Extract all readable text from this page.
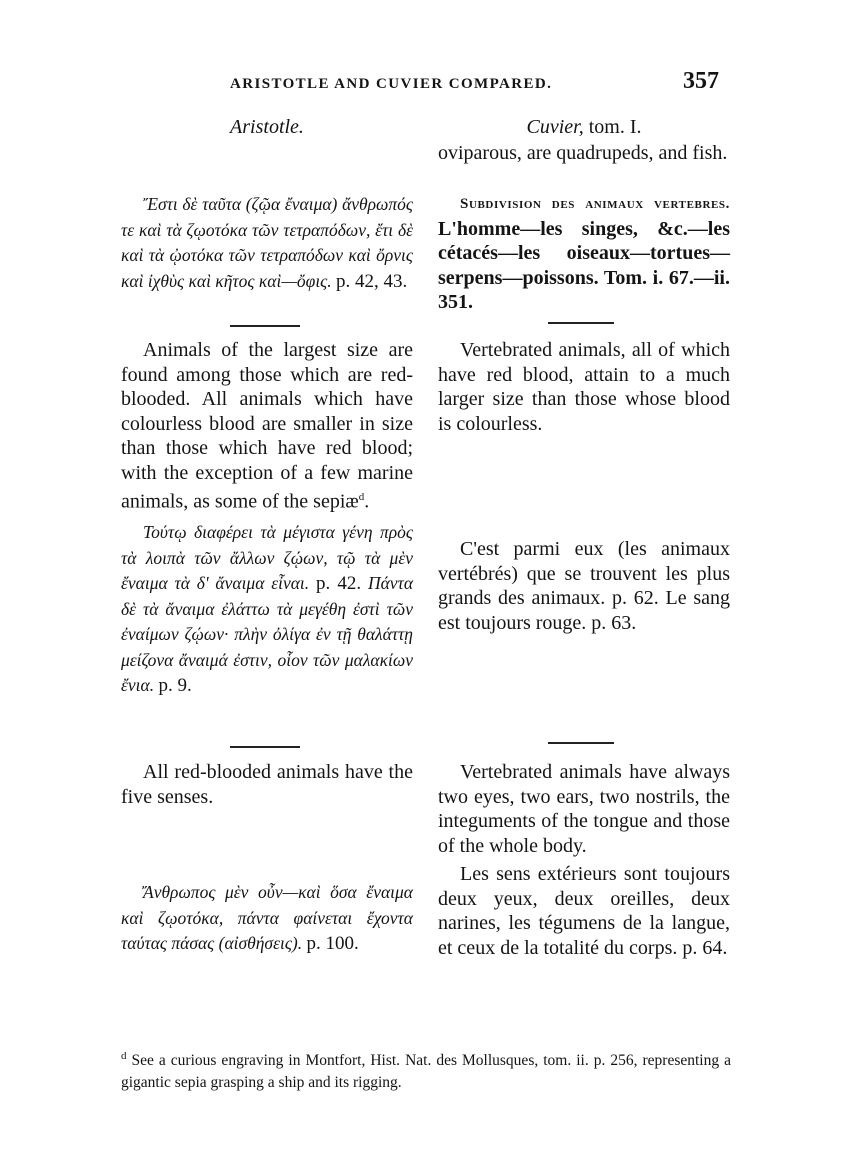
ARISTOTLE AND CUVIER COMPARED.	357
Aristotle.	Cuvier, tom. I.

oviparous, are quadrupeds, and fish.

Ἔστι δὲ ταῦτα (ζῷα ἔναιμα) ἄνθρωπός τε καὶ τὰ ζῳοτόκα τῶν τετραπόδων, ἔτι δὲ καὶ τὰ ᾠοτόκα τῶν τετραπόδων καὶ ὄρνις καὶ ἰχθὺς καὶ κῆτος καὶ—ὄφις. p. 42, 43.

Subdivision des animaux vertebres. L'homme—les singes, &c.—les cétacés—les oiseaux—tortues—serpens—poissons. Tom. i. 67.—ii. 351.

Animals of the largest size are found among those which are red-blooded. All animals which have colourless blood are smaller in size than those which have red blood; with the exception of a few marine animals, as some of the sepiæ$^d$.

Τούτῳ διαφέρει τὰ μέγιστα γένη πρὸς τὰ λοιπὰ τῶν ἄλλων ζῴων, τῷ τὰ μὲν ἔναιμα τὰ δ' ἄναιμα εἶναι. p. 42. Πάντα δὲ τὰ ἄναιμα ἐλάττω τὰ μεγέθη ἐστὶ τῶν ἐναίμων ζῴων· πλὴν ὀλίγα ἐν τῇ θαλάττῃ μείζονα ἄναιμά ἐστιν, οἷον τῶν μαλακίων ἔνια. p. 9.

Vertebrated animals, all of which have red blood, attain to a much larger size than those whose blood is colourless.

C'est parmi eux (les animaux vertébrés) que se trouvent les plus grands des animaux. p. 62. Le sang est toujours rouge. p. 63.

All red-blooded animals have the five senses.

Ἄνθρωπος μὲν οὖν—καὶ ὅσα ἔναιμα καὶ ζῳοτόκα, πάντα φαίνεται ἔχοντα ταύτας πάσας (αἰσθήσεις). p. 100.

Vertebrated animals have always two eyes, two ears, two nostrils, the integuments of the tongue and those of the whole body.

Les sens extérieurs sont toujours deux yeux, deux oreilles, deux narines, les tégumens de la langue, et ceux de la totalité du corps. p. 64.

$^d$ See a curious engraving in Montfort, Hist. Nat. des Mollusques, tom. ii. p. 256, representing a gigantic sepia grasping a ship and its rigging.
